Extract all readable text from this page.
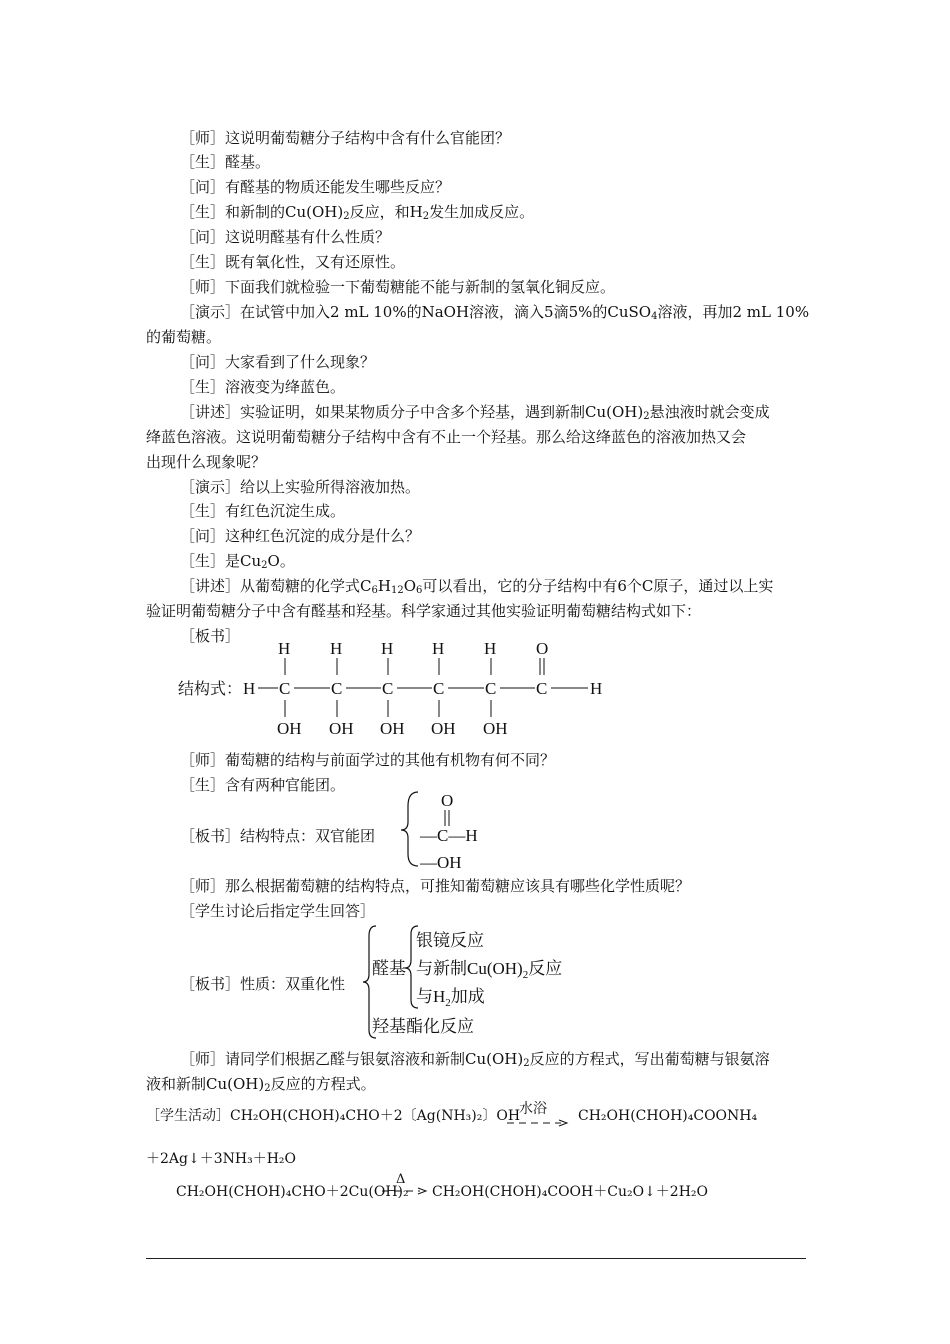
［师］这说明葡萄糖分子结构中含有什么官能团？
［生］醛基。
［问］有醛基的物质还能发生哪些反应？
［生］和新制的$Cu(OH)_2$反应，和$H_2$发生加成反应。
［问］这说明醛基有什么性质？
［生］既有氧化性，又有还原性。
［师］下面我们就检验一下葡萄糖能不能与新制的氢氧化铜反应。
［演示］在试管中加入2 mL 10%的NaOH溶液，滴入5滴5%的CuSO$_4$溶液，再加2 mL 10%
的葡萄糖。
［问］大家看到了什么现象？
［生］溶液变为绛蓝色。
［讲述］实验证明，如果某物质分子中含多个羟基，遇到新制$Cu(OH)_2$悬浊液时就会变成
绛蓝色溶液。这说明葡萄糖分子结构中含有不止一个羟基。那么给这绛蓝色的溶液加热又会
出现什么现象呢？
［演示］给以上实验所得溶液加热。
［生］有红色沉淀生成。
［问］这种红色沉淀的成分是什么？
［生］是$Cu_2O$。
［讲述］从葡萄糖的化学式$C_6H_{12}O_6$可以看出，它的分子结构中有6个C原子，通过以上实
验证明葡萄糖分子中含有醛基和羟基。科学家通过其他实验证明葡萄糖结构式如下：
［板书］
结构式： H C C C C C C	H
H H H H H O
OH OH OH OH OH
［师］葡萄糖的结构与前面学过的其他有机物有何不同？
［生］含有两种官能团。
［板书］结构特点：双官能团
O
—C—H
—OH
［师］那么根据葡萄糖的结构特点，可推知葡萄糖应该具有哪些化学性质呢？
［学生讨论后指定学生回答］
［板书］性质：双重化性
醛基
银镜反应
与新制$Cu(OH)_2$反应
与$H_2$加成
羟基酯化反应
［师］请同学们根据乙醛与银氨溶液和新制$Cu(OH)_2$反应的方程式，写出葡萄糖与银氨溶
液和新制$Cu(OH)_2$反应的方程式。
［学生活动］CH₂OH(CHOH)₄CHO＋2〔Ag(NH₃)₂〕OH
水浴 CH₂OH(CHOH)₄COONH₄
＋2Ag↓＋3NH₃＋H₂O
CH₂OH(CHOH)₄CHO＋2Cu(OH)₂
Δ
CH₂OH(CHOH)₄COOH＋Cu₂O↓＋2H₂O
